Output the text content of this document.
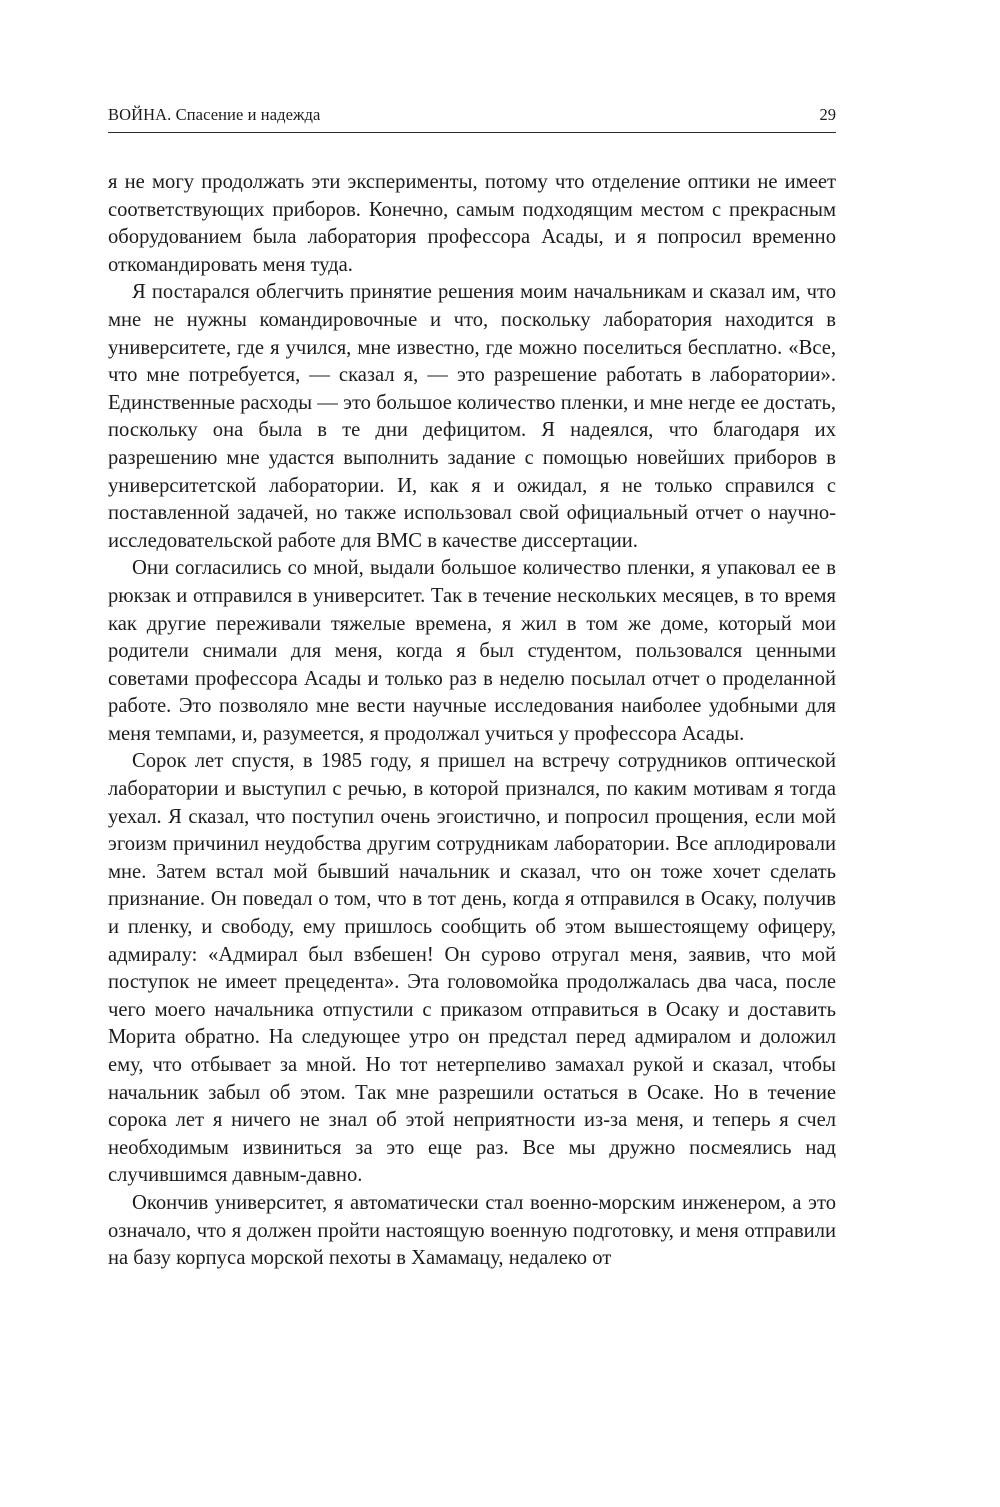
ВОЙНА. Спасение и надежда	29

я не могу продолжать эти эксперименты, потому что отделение оптики не имеет соответствующих приборов. Конечно, самым подходящим местом с прекрасным оборудованием была лаборатория профессора Асады, и я попросил временно откомандировать меня туда.

Я постарался облегчить принятие решения моим начальникам и сказал им, что мне не нужны командировочные и что, поскольку лаборатория находится в университете, где я учился, мне известно, где можно поселиться бесплатно. «Все, что мне потребуется, — сказал я, — это разрешение работать в лаборатории». Единственные расходы — это большое количество пленки, и мне негде ее достать, поскольку она была в те дни дефицитом. Я надеялся, что благодаря их разрешению мне удастся выполнить задание с помощью новейших приборов в университетской лаборатории. И, как я и ожидал, я не только справился с поставленной задачей, но также использовал свой официальный отчет о научно-исследовательской работе для ВМС в качестве диссертации.

Они согласились со мной, выдали большое количество пленки, я упаковал ее в рюкзак и отправился в университет. Так в течение нескольких месяцев, в то время как другие переживали тяжелые времена, я жил в том же доме, который мои родители снимали для меня, когда я был студентом, пользовался ценными советами профессора Асады и только раз в неделю посылал отчет о проделанной работе. Это позволяло мне вести научные исследования наиболее удобными для меня темпами, и, разумеется, я продолжал учиться у профессора Асады.

Сорок лет спустя, в 1985 году, я пришел на встречу сотрудников оптической лаборатории и выступил с речью, в которой признался, по каким мотивам я тогда уехал. Я сказал, что поступил очень эгоистично, и попросил прощения, если мой эгоизм причинил неудобства другим сотрудникам лаборатории. Все аплодировали мне. Затем встал мой бывший начальник и сказал, что он тоже хочет сделать признание. Он поведал о том, что в тот день, когда я отправился в Осаку, получив и пленку, и свободу, ему пришлось сообщить об этом вышестоящему офицеру, адмиралу: «Адмирал был взбешен! Он сурово отругал меня, заявив, что мой поступок не имеет прецедента». Эта головомойка продолжалась два часа, после чего моего начальника отпустили с приказом отправиться в Осаку и доставить Морита обратно. На следующее утро он предстал перед адмиралом и доложил ему, что отбывает за мной. Но тот нетерпеливо замахал рукой и сказал, чтобы начальник забыл об этом. Так мне разрешили остаться в Осаке. Но в течение сорока лет я ничего не знал об этой неприятности из-за меня, и теперь я счел необходимым извиниться за это еще раз. Все мы дружно посмеялись над случившимся давным-давно.

Окончив университет, я автоматически стал военно-морским инженером, а это означало, что я должен пройти настоящую военную подготовку, и меня отправили на базу корпуса морской пехоты в Хамамацу, недалеко от
